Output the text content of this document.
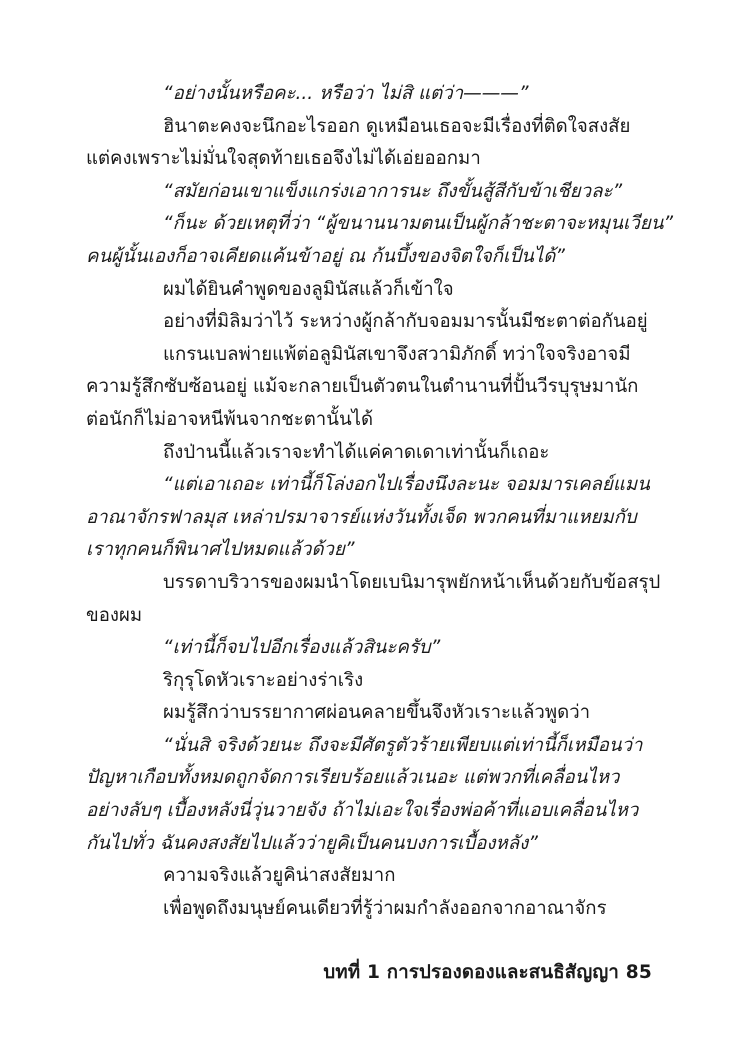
“อย่างนั้นหรือคะ... หรือว่า ไม่สิ แต่ว่า———”

ฮินาตะคงจะนึกอะไรออก ดูเหมือนเธอจะมีเรื่องที่ติดใจสงสัย

แต่คงเพราะไม่มั่นใจสุดท้ายเธอจึงไม่ได้เอ่ยออกมา

“สมัยก่อนเขาแข็งแกร่งเอาการนะ ถึงขั้นสู้สีกับข้าเชียวละ”

“ก็นะ ด้วยเหตุที่ว่า “ผู้ขนานนามตนเป็นผู้กล้าชะตาจะหมุนเวียน”

คนผู้นั้นเองก็อาจเคียดแค้นข้าอยู่ ณ ก้นบึ้งของจิตใจก็เป็นได้”

ผมได้ยินคำพูดของลูมินัสแล้วก็เข้าใจ

อย่างที่มิลิมว่าไว้ ระหว่างผู้กล้ากับจอมมารนั้นมีชะตาต่อกันอยู่

แกรนเบลพ่ายแพ้ต่อลูมินัสเขาจึงสวามิภักดิ์ ทว่าใจจริงอาจมี

ความรู้สึกซับซ้อนอยู่ แม้จะกลายเป็นตัวตนในตำนานที่ปั้นวีรบุรุษมานัก

ต่อนักก็ไม่อาจหนีพ้นจากชะตานั้นได้

ถึงป่านนี้แล้วเราจะทำได้แค่คาดเดาเท่านั้นก็เถอะ

“แต่เอาเถอะ เท่านี้ก็โล่งอกไปเรื่องนึงละนะ จอมมารเคลย์แมน

อาณาจักรฟาลมุส เหล่าปรมาจารย์แห่งวันทั้งเจ็ด พวกคนที่มาแหยมกับ

เราทุกคนก็พินาศไปหมดแล้วด้วย”

บรรดาบริวารของผมนำโดยเบนิมารุพยักหน้าเห็นด้วยกับข้อสรุป

ของผม

“เท่านี้ก็จบไปอีกเรื่องแล้วสินะครับ”

ริกุรุโดหัวเราะอย่างร่าเริง

ผมรู้สึกว่าบรรยากาศผ่อนคลายขึ้นจึงหัวเราะแล้วพูดว่า

“นั่นสิ จริงด้วยนะ ถึงจะมีศัตรูตัวร้ายเพียบแต่เท่านี้ก็เหมือนว่า

ปัญหาเกือบทั้งหมดถูกจัดการเรียบร้อยแล้วเนอะ แต่พวกที่เคลื่อนไหว

อย่างลับๆ เบื้องหลังนี่วุ่นวายจัง ถ้าไม่เอะใจเรื่องพ่อค้าที่แอบเคลื่อนไหว

กันไปทั่ว ฉันคงสงสัยไปแล้วว่ายูคิเป็นคนบงการเบื้องหลัง”

ความจริงแล้วยูคิน่าสงสัยมาก

เพื่อพูดถึงมนุษย์คนเดียวที่รู้ว่าผมกำลังออกจากอาณาจักร

บทที่ 1 การปรองดองและสนธิสัญญา 85
